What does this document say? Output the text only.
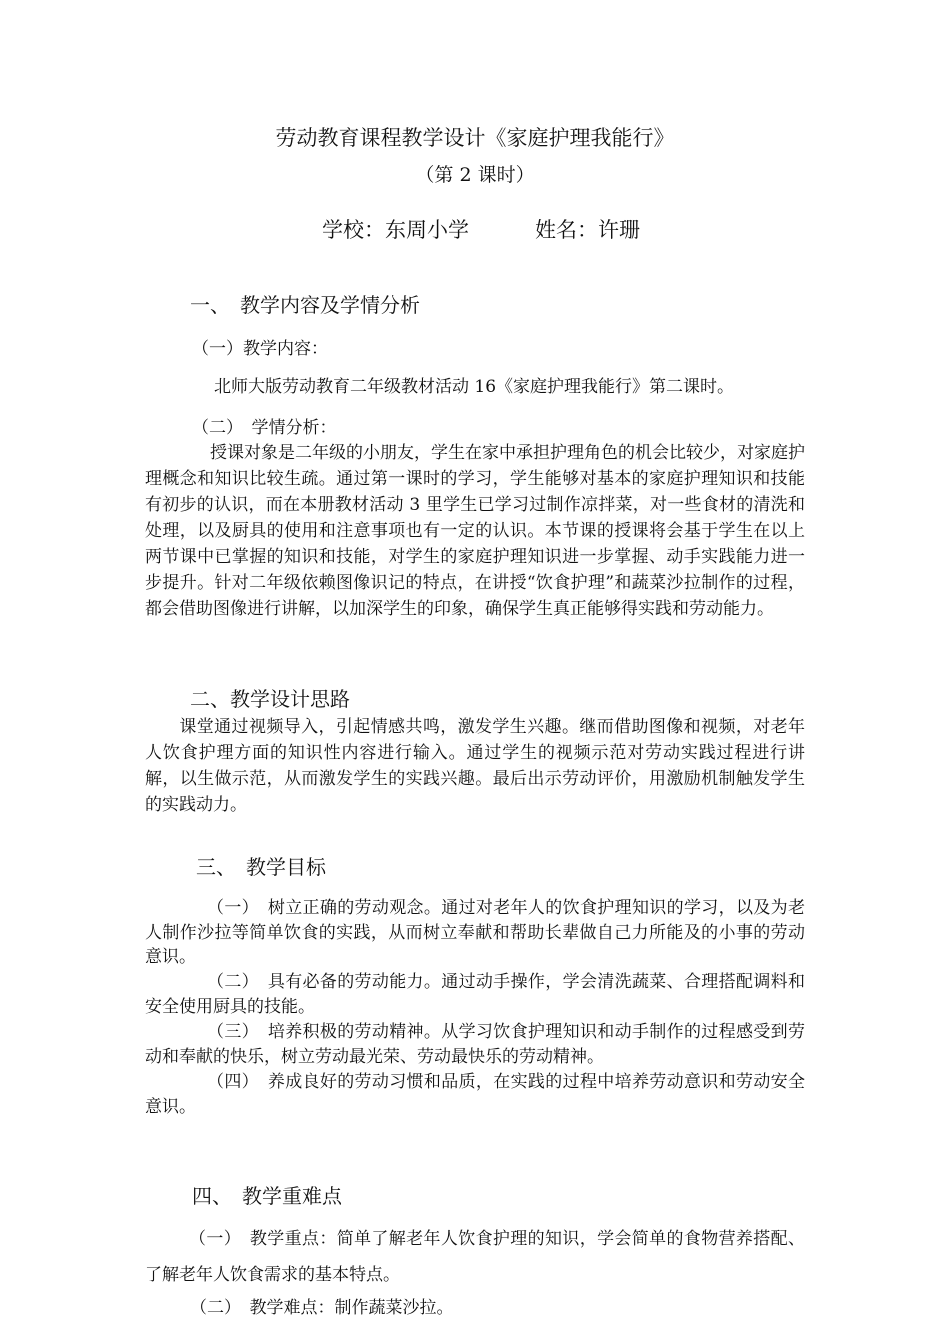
劳动教育课程教学设计《家庭护理我能行》

（第 2 课时）

学校：东周小学	姓名：许珊

一、　教学内容及学情分析

（一）教学内容：

北师大版劳动教育二年级教材活动 16《家庭护理我能行》第二课时。

（二）　学情分析：

　授课对象是二年级的小朋友，学生在家中承担护理角色的机会比较少，对家庭护理概念和知识比较生疏。通过第一课时的学习，学生能够对基本的家庭护理知识和技能有初步的认识，而在本册教材活动 3 里学生已学习过制作凉拌菜，对一些食材的清洗和处理，以及厨具的使用和注意事项也有一定的认识。本节课的授课将会基于学生在以上两节课中已掌握的知识和技能，对学生的家庭护理知识进一步掌握、动手实践能力进一步提升。针对二年级依赖图像识记的特点，在讲授“饮食护理”和蔬菜沙拉制作的过程，都会借助图像进行讲解，以加深学生的印象，确保学生真正能够得实践和劳动能力。

二、教学设计思路

　课堂通过视频导入，引起情感共鸣，激发学生兴趣。继而借助图像和视频，对老年人饮食护理方面的知识性内容进行输入。通过学生的视频示范对劳动实践过程进行讲解，以生做示范，从而激发学生的实践兴趣。最后出示劳动评价，用激励机制触发学生的实践动力。

三、　教学目标

（一）　树立正确的劳动观念。通过对老年人的饮食护理知识的学习，以及为老人制作沙拉等简单饮食的实践，从而树立奉献和帮助长辈做自己力所能及的小事的劳动意识。

（二）　具有必备的劳动能力。通过动手操作，学会清洗蔬菜、合理搭配调料和安全使用厨具的技能。

（三）　培养积极的劳动精神。从学习饮食护理知识和动手制作的过程感受到劳动和奉献的快乐，树立劳动最光荣、劳动最快乐的劳动精神。

（四）　养成良好的劳动习惯和品质，在实践的过程中培养劳动意识和劳动安全意识。

四、　教学重难点

（一）　教学重点：简单了解老年人饮食护理的知识，学会简单的食物营养搭配、了解老年人饮食需求的基本特点。

（二）　教学难点：制作蔬菜沙拉。
